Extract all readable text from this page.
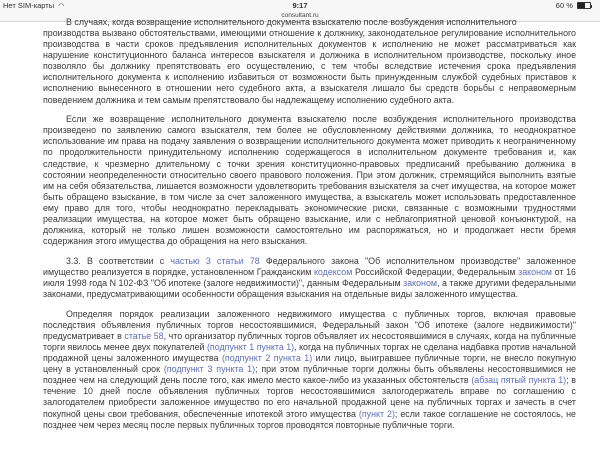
Нет SIM-карты ◠	9:17	60 %
consultant.ru
В случаях, когда возвращение исполнительного документа взыскателю после возбуждения исполнительного

производства вызвано обстоятельствами, имеющими отношение к должнику, законодательное регулирование исполнительного производства в части сроков предъявления исполнительных документов к исполнению не может рассматриваться как нарушение конституционного баланса интересов взыскателя и должника в исполнительном производстве, поскольку иное позволяло бы должнику препятствовать его осуществлению, с тем чтобы вследствие истечения срока предъявления исполнительного документа к исполнению избавиться от возможности быть принужденным службой судебных приставов к исполнению вынесенного в отношении него судебного акта, а взыскателя лишало бы средств борьбы с неправомерным поведением должника и тем самым препятствовало бы надлежащему исполнению судебного акта.

Если же возвращение исполнительного документа взыскателю после возбуждения исполнительного производства произведено по заявлению самого взыскателя, тем более не обусловленному действиями должника, то неоднократное использование им права на подачу заявления о возвращении исполнительного документа может приводить к неограниченному по продолжительности принудительному исполнению содержащегося в исполнительном документе требования и, как следствие, к чрезмерно длительному с точки зрения конституционно-правовых предписаний пребыванию должника в состоянии неопределенности относительно своего правового положения. При этом должник, стремящийся выполнить взятые им на себя обязательства, лишается возможности удовлетворить требования взыскателя за счет имущества, на которое может быть обращено взыскание, в том числе за счет заложенного имущества, а взыскатель может использовать предоставленное ему право для того, чтобы неоднократно перекладывать экономические риски, связанные с возможными трудностями реализации имущества, на которое может быть обращено взыскание, или с неблагоприятной ценовой конъюнктурой, на должника, который не только лишен возможности самостоятельно им распоряжаться, но и продолжает нести бремя содержания этого имущества до обращения на него взыскания.

3.3. В соответствии с частью 3 статьи 78 Федерального закона "Об исполнительном производстве" заложенное имущество реализуется в порядке, установленном Гражданским кодексом Российской Федерации, Федеральным законом от 16 июля 1998 года N 102-ФЗ "Об ипотеке (залоге недвижимости)", данным Федеральным законом, а также другими федеральными законами, предусматривающими особенности обращения взыскания на отдельные виды заложенного имущества.

Определяя порядок реализации заложенного недвижимого имущества с публичных торгов, включая правовые последствия объявления публичных торгов несостоявшимися, Федеральный закон "Об ипотеке (залоге недвижимости)" предусматривает в статье 58, что организатор публичных торгов объявляет их несостоявшимися в случаях, когда на публичные торги явилось менее двух покупателей (подпункт 1 пункта 1), когда на публичных торгах не сделана надбавка против начальной продажной цены заложенного имущества (подпункт 2 пункта 1) или лицо, выигравшее публичные торги, не внесло покупную цену в установленный срок (подпункт 3 пункта 1); при этом публичные торги должны быть объявлены несостоявшимися не позднее чем на следующий день после того, как имело место какое-либо из указанных обстоятельств (абзац пятый пункта 1); в течение 10 дней после объявления публичных торгов несостоявшимися залогодержатель вправе по соглашению с залогодателем приобрести заложенное имущество по его начальной продажной цене на публичных торгах и зачесть в счет покупной цены свои требования, обеспеченные ипотекой этого имущества (пункт 2); если такое соглашение не состоялось, не позднее чем через месяц после первых публичных торгов проводятся повторные публичные торги.
